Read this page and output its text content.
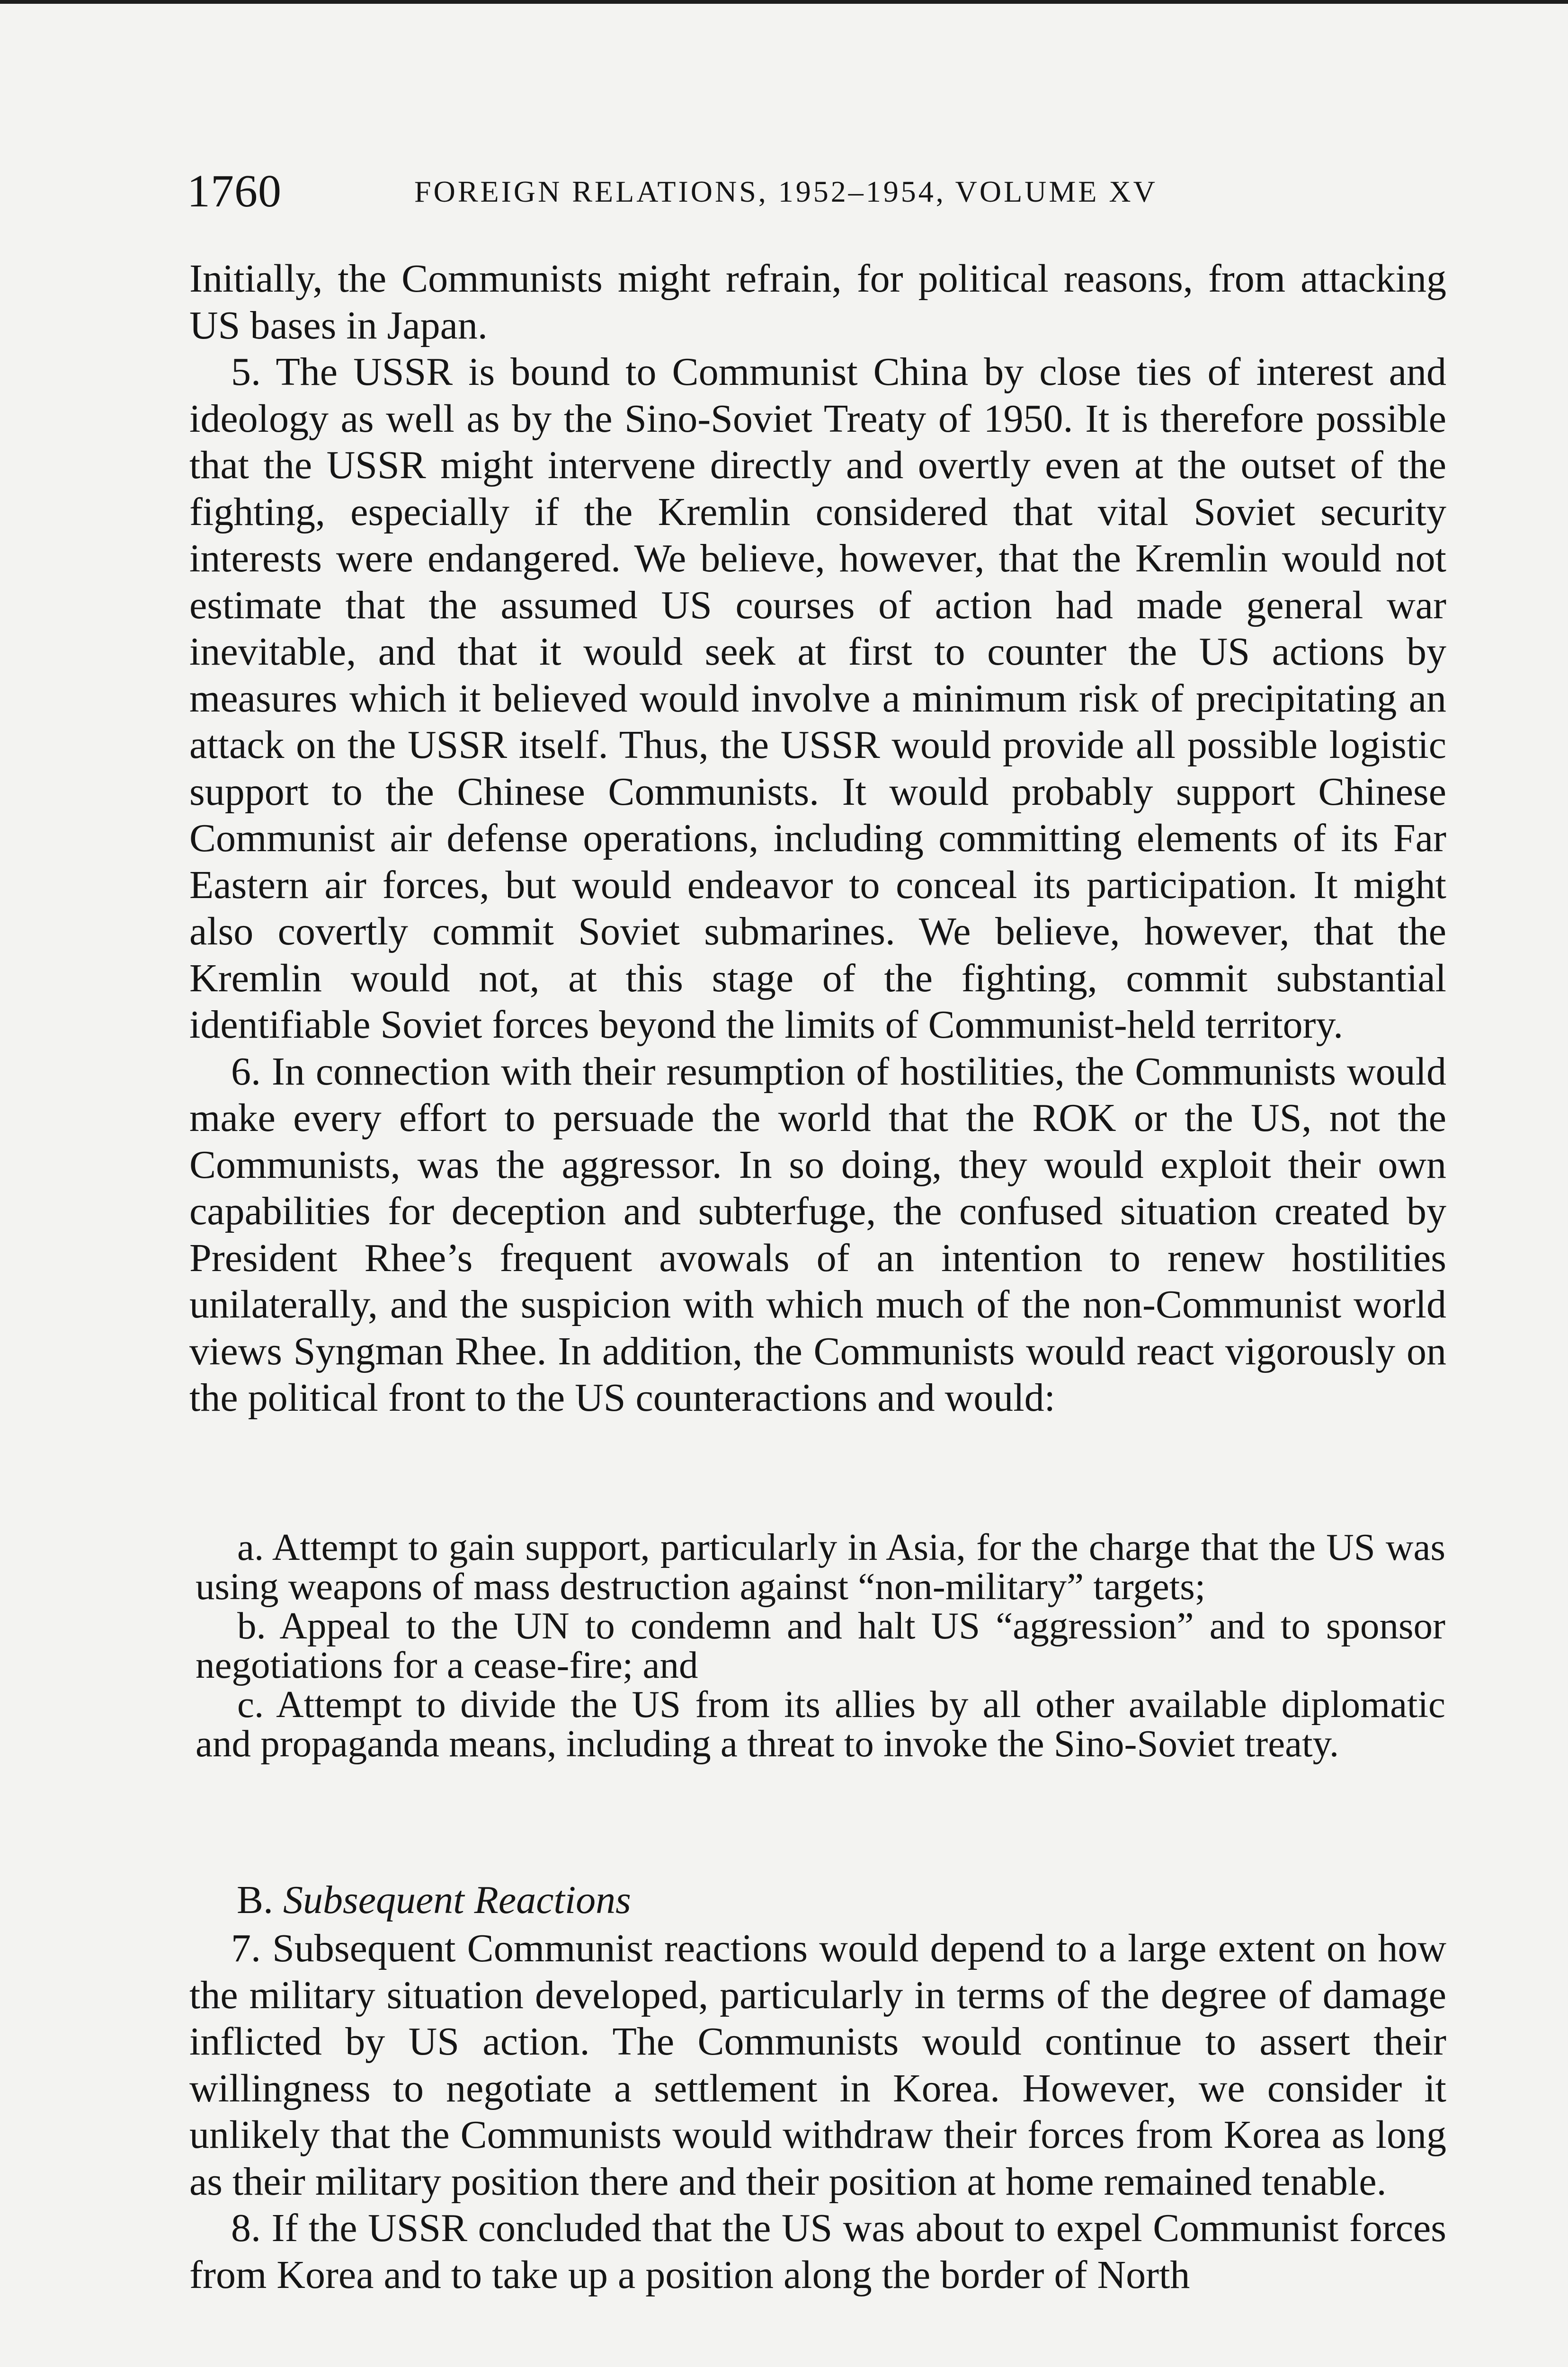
1760	FOREIGN RELATIONS, 1952–1954, VOLUME XV

Initially, the Communists might refrain, for political reasons, from attacking US bases in Japan.

5. The USSR is bound to Communist China by close ties of interest and ideology as well as by the Sino-Soviet Treaty of 1950. It is therefore possible that the USSR might intervene directly and overtly even at the outset of the fighting, especially if the Kremlin considered that vital Soviet security interests were endangered. We believe, however, that the Kremlin would not estimate that the assumed US courses of action had made general war inevitable, and that it would seek at first to counter the US actions by measures which it believed would involve a minimum risk of precipitating an attack on the USSR itself. Thus, the USSR would provide all possible logistic support to the Chinese Communists. It would probably support Chinese Communist air defense operations, including committing elements of its Far Eastern air forces, but would endeavor to conceal its participation. It might also covertly commit Soviet submarines. We believe, however, that the Kremlin would not, at this stage of the fighting, commit substantial identifiable Soviet forces beyond the limits of Communist-held territory.

6. In connection with their resumption of hostilities, the Communists would make every effort to persuade the world that the ROK or the US, not the Communists, was the aggressor. In so doing, they would exploit their own capabilities for deception and subterfuge, the confused situation created by President Rhee’s frequent avowals of an intention to renew hostilities unilaterally, and the suspicion with which much of the non-Communist world views Syngman Rhee. In addition, the Communists would react vigorously on the political front to the US counteractions and would:

a. Attempt to gain support, particularly in Asia, for the charge that the US was using weapons of mass destruction against “non-military” targets;

b. Appeal to the UN to condemn and halt US “aggression” and to sponsor negotiations for a cease-fire; and

c. Attempt to divide the US from its allies by all other available diplomatic and propaganda means, including a threat to invoke the Sino-Soviet treaty.

B. Subsequent Reactions

7. Subsequent Communist reactions would depend to a large extent on how the military situation developed, particularly in terms of the degree of damage inflicted by US action. The Communists would continue to assert their willingness to negotiate a settlement in Korea. However, we consider it unlikely that the Communists would withdraw their forces from Korea as long as their military position there and their position at home remained tenable.

8. If the USSR concluded that the US was about to expel Communist forces from Korea and to take up a position along the border of North
